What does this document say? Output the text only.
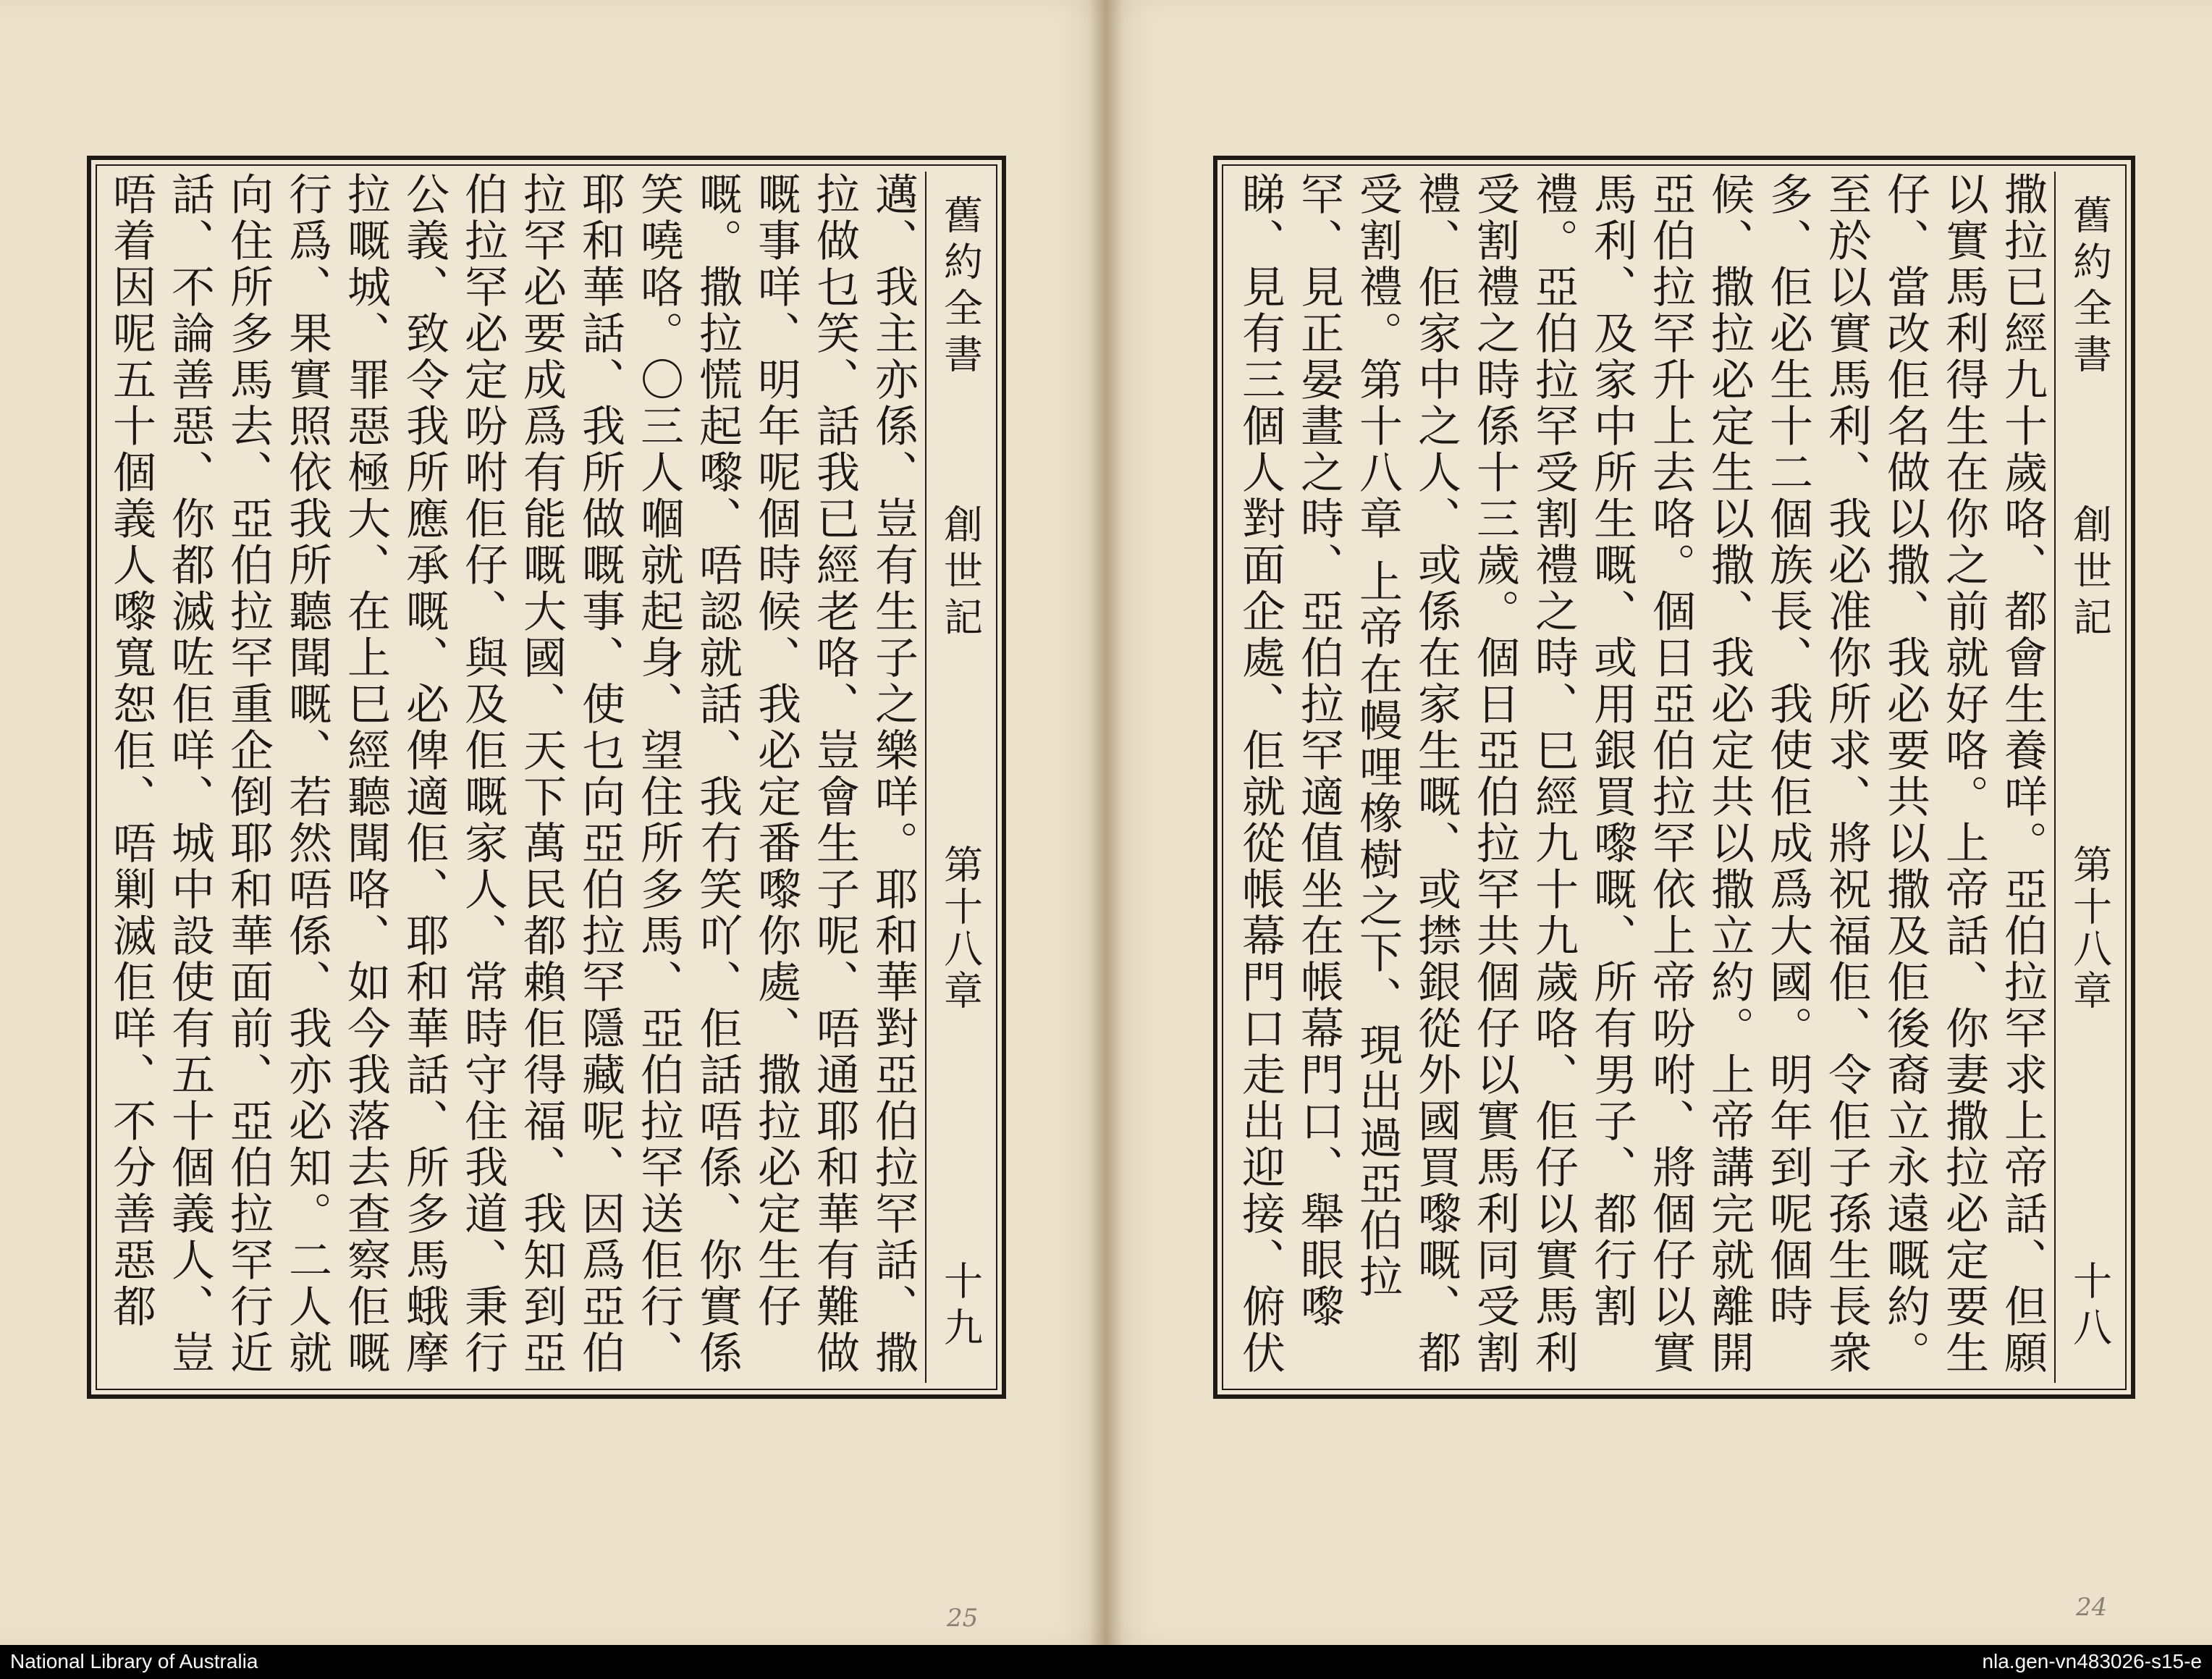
邁、我主亦係、豈有生子之樂咩。耶和華對亞伯拉罕話、撒拉做乜笑、話我已經老咯、豈會生子呢、唔通耶和華有難做嘅事咩、明年呢個時候、我必定番嚟你處、撒拉必定生仔嘅。撒拉慌起嚟、唔認就話、我冇笑吖、佢話唔係、你實係笑嘵咯。〇三人嗰就起身、望住所多馬、亞伯拉罕送佢行、耶和華話、我所做嘅事、使乜向亞伯拉罕隱藏呢、因爲亞伯拉罕必要成爲有能嘅大國、天下萬民都賴佢得福、我知到亞伯拉罕必定吩咐佢仔、與及佢嘅家人、常時守住我道、秉行公義、致令我所應承嘅、必俾適佢、耶和華話、所多馬蛾摩拉嘅城、罪惡極大、在上巳經聽聞咯、如今我落去查察佢嘅行爲、果實照依我所聽聞嘅、若然唔係、我亦必知。二人就向住所多馬去、亞伯拉罕重企倒耶和華面前、亞伯拉罕行近話、不論善惡、你都滅咗佢咩、城中設使有五十個義人、豈唔着因呢五十個義人嚟寬恕佢、唔剿滅佢咩、不分善惡都

舊約全書
創世記
第十八章
十九	撒拉已經九十歲咯、都會生養咩。亞伯拉罕求上帝話、但願以實馬利得生在你之前就好咯。上帝話、你妻撒拉必定要生仔、當改佢名做以撒、我必要共以撒及佢後裔立永遠嘅約。至於以實馬利、我必准你所求、將祝福佢、令佢子孫生長衆多、佢必生十二個族長、我使佢成爲大國。明年到呢個時候、撒拉必定生以撒、我必定共以撒立約。上帝講完就離開亞伯拉罕升上去咯。個日亞伯拉罕依上帝吩咐、將個仔以實馬利、及家中所生嘅、或用銀買嚟嘅、所有男子、都行割禮。亞伯拉罕受割禮之時、巳經九十九歲咯、佢仔以實馬利受割禮之時係十三歲。個日亞伯拉罕共個仔以實馬利同受割禮、佢家中之人、或係在家生嘅、或㩒銀從外國買嚟嘅、都受割禮。第十八章 上帝在幔哩橡樹之下、現出過亞伯拉罕、見正晏晝之時、亞伯拉罕適值坐在帳幕門口、舉眼嚟睇、見有三個人對面企處、佢就從帳幕門口走出迎接、俯伏

舊約全書
創世記
第十八章
十八
25	24
National Library of Australia	nla.gen-vn483026-s15-e
